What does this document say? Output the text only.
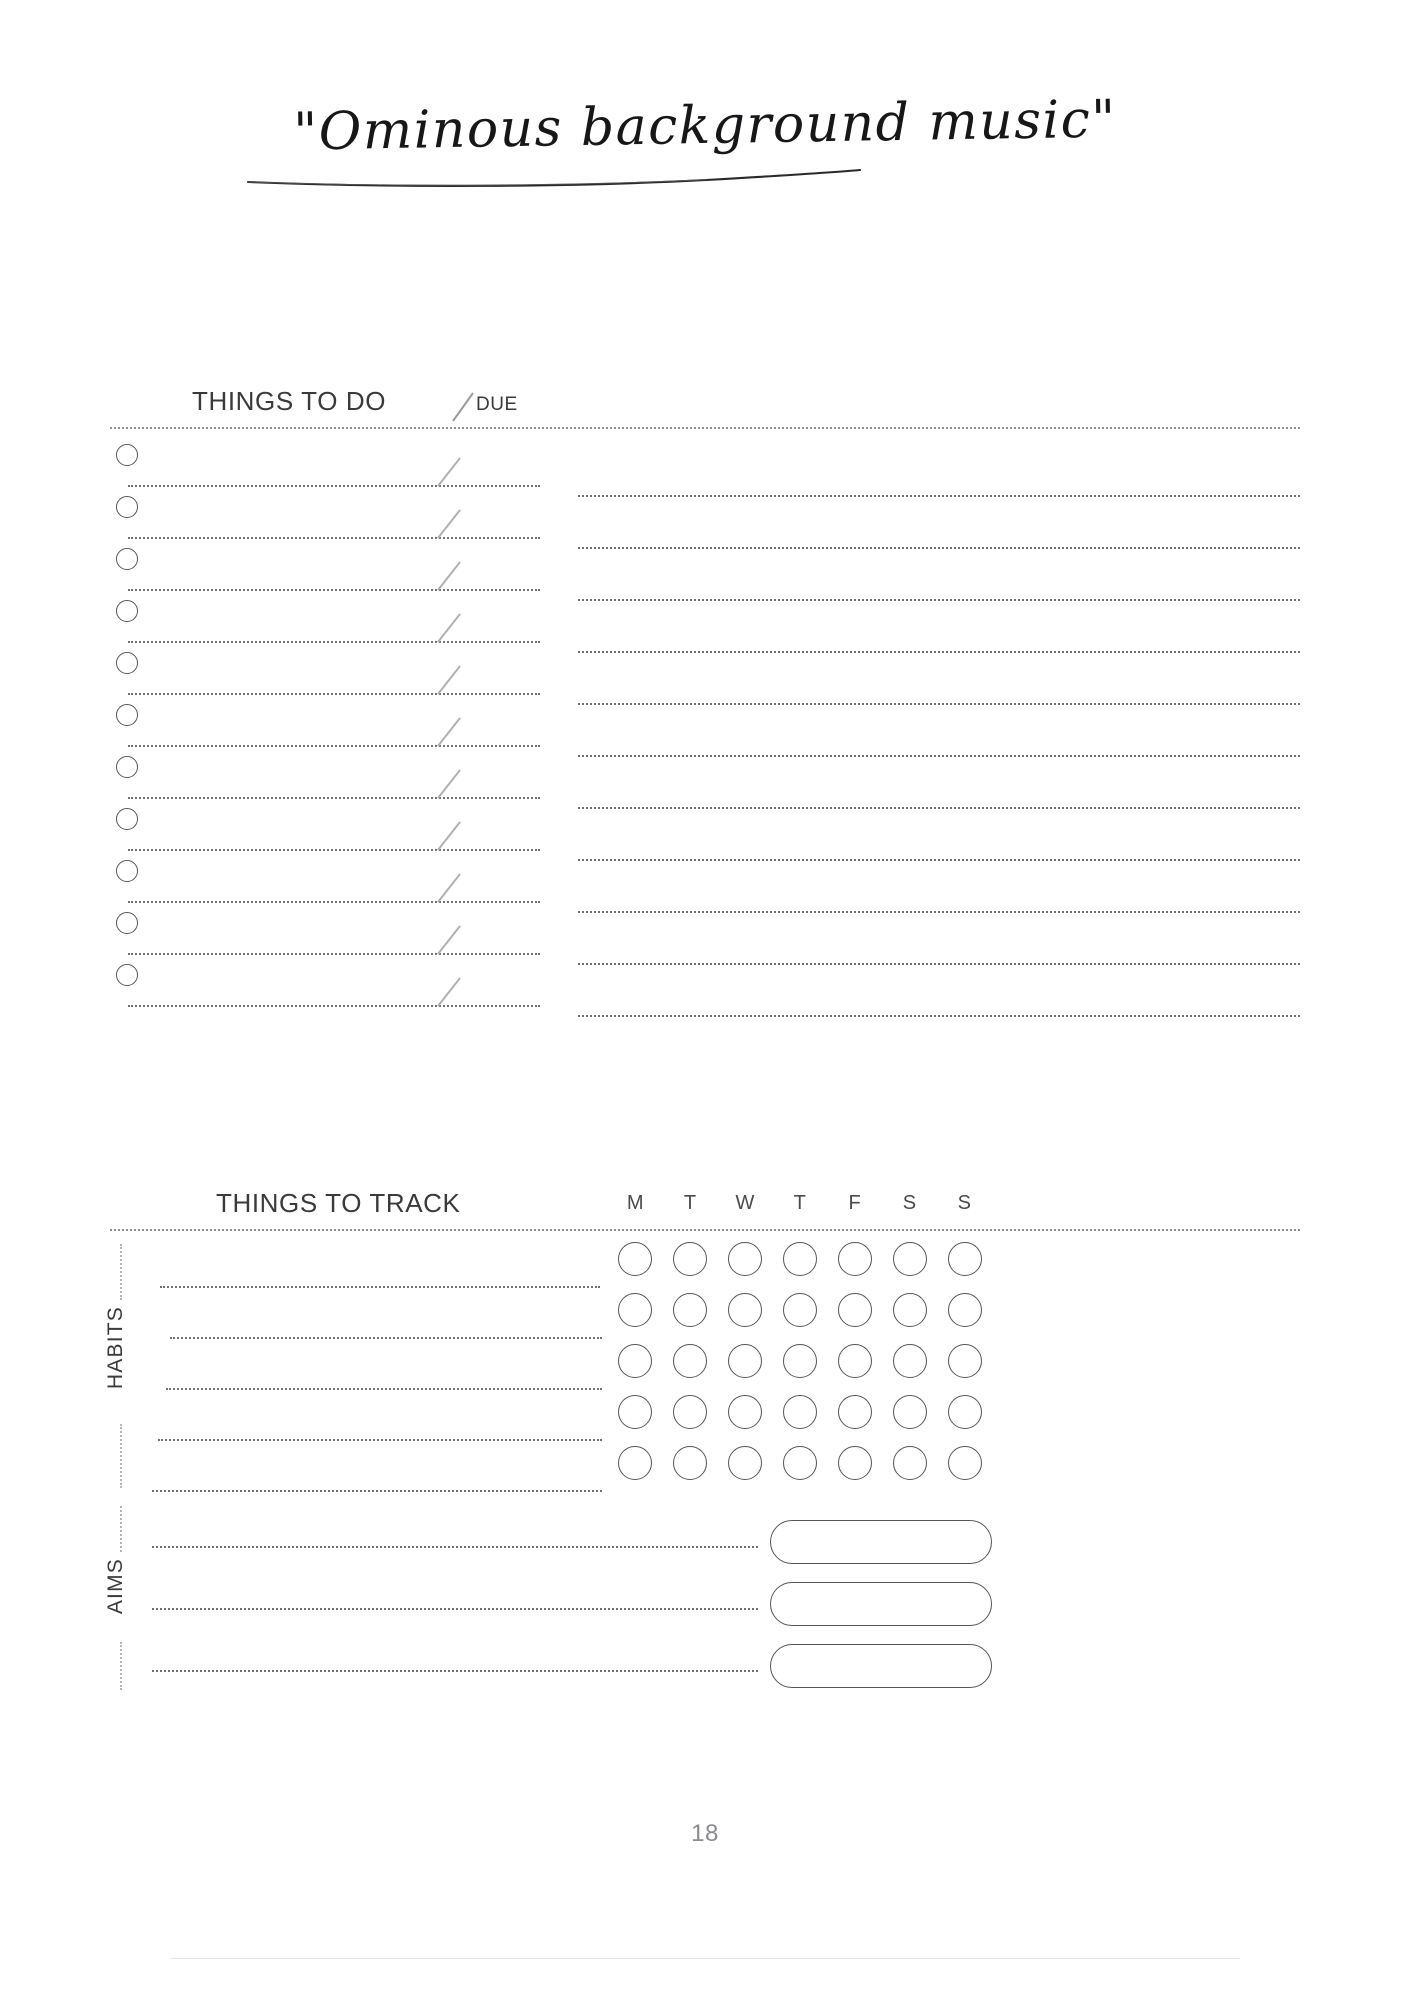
"Ominous background music"
THINGS TO DO	DUE
THINGS TO TRACK	M	T	W	T	F	S	S
HABITS
AIMS
18
